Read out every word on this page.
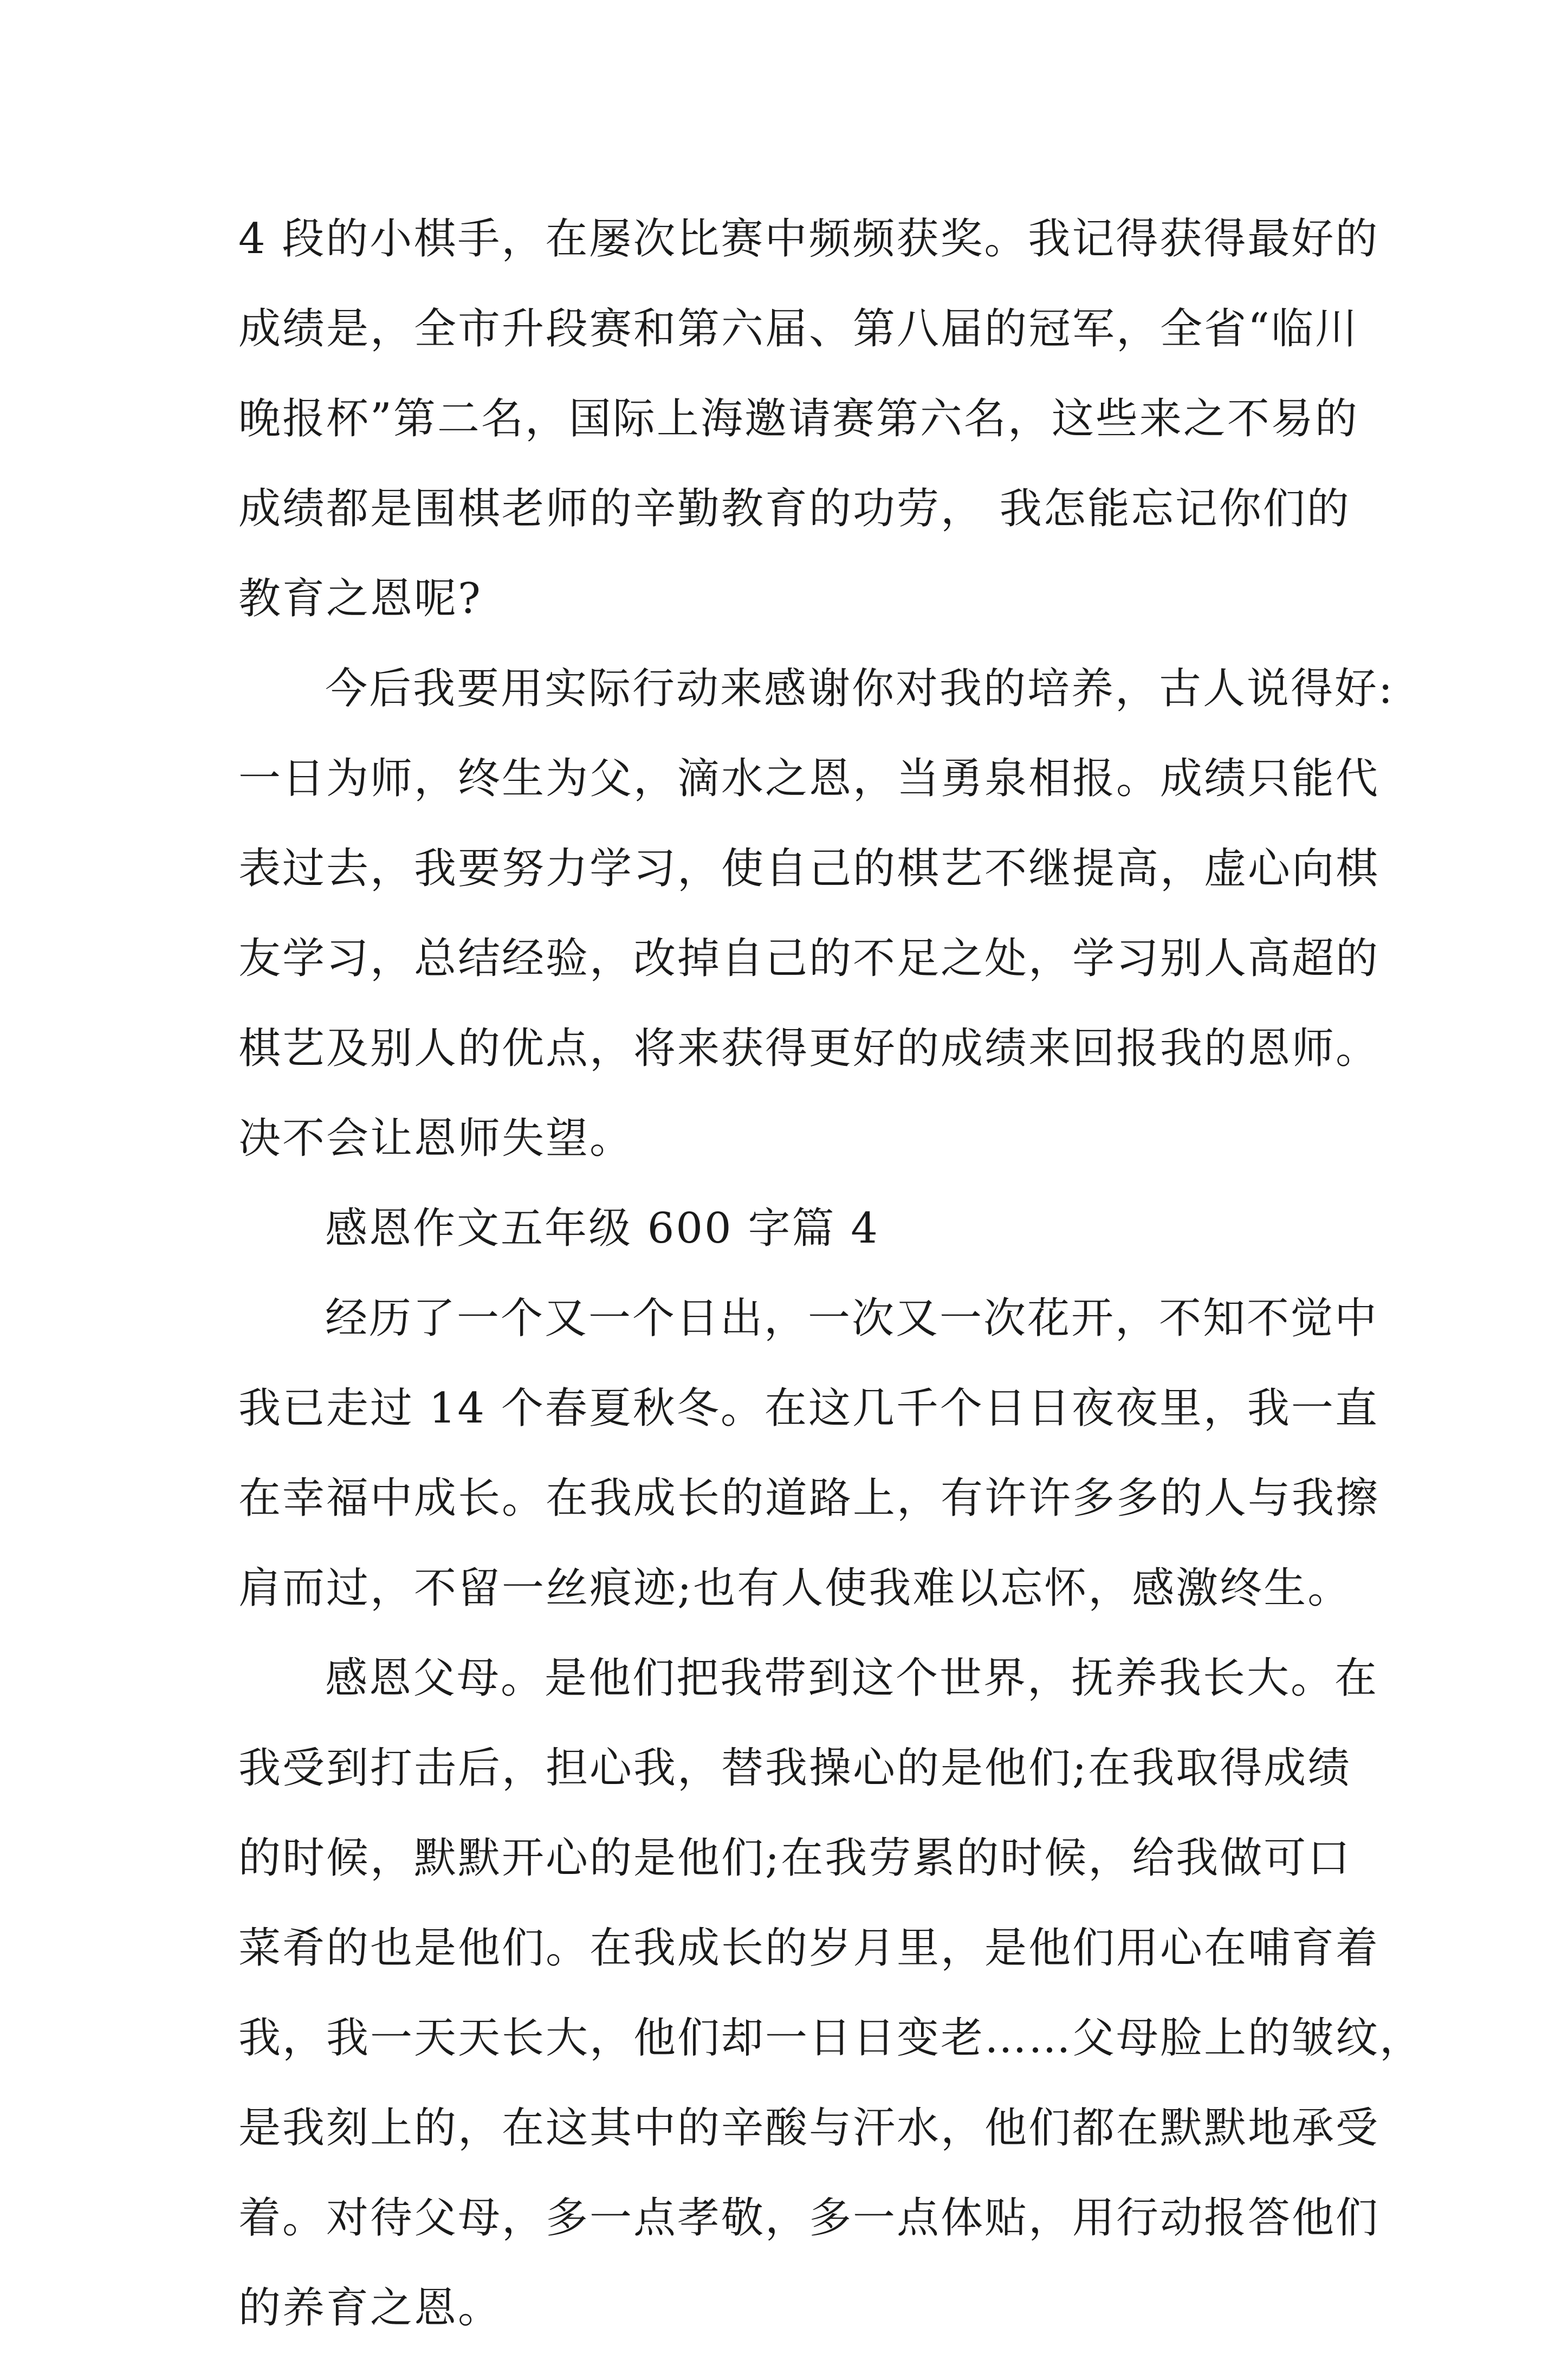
4 段的小棋手，在屡次比赛中频频获奖。我记得获得最好的
成绩是，全市升段赛和第六届、第八届的冠军，全省“临川
晚报杯”第二名，国际上海邀请赛第六名，这些来之不易的
成绩都是围棋老师的辛勤教育的功劳， 我怎能忘记你们的
教育之恩呢?
今后我要用实际行动来感谢你对我的培养，古人说得好:
一日为师，终生为父，滴水之恩，当勇泉相报。成绩只能代
表过去，我要努力学习，使自己的棋艺不继提高，虚心向棋
友学习，总结经验，改掉自己的不足之处，学习别人高超的
棋艺及别人的优点，将来获得更好的成绩来回报我的恩师。
决不会让恩师失望。
感恩作文五年级 600 字篇 4
经历了一个又一个日出，一次又一次花开，不知不觉中
我已走过 14 个春夏秋冬。在这几千个日日夜夜里，我一直
在幸福中成长。在我成长的道路上，有许许多多的人与我擦
肩而过，不留一丝痕迹;也有人使我难以忘怀，感激终生。
感恩父母。是他们把我带到这个世界，抚养我长大。在
我受到打击后，担心我，替我操心的是他们;在我取得成绩
的时候，默默开心的是他们;在我劳累的时候，给我做可口
菜肴的也是他们。在我成长的岁月里，是他们用心在哺育着
我，我一天天长大，他们却一日日变老……父母脸上的皱纹，
是我刻上的，在这其中的辛酸与汗水，他们都在默默地承受
着。对待父母，多一点孝敬，多一点体贴，用行动报答他们
的养育之恩。
